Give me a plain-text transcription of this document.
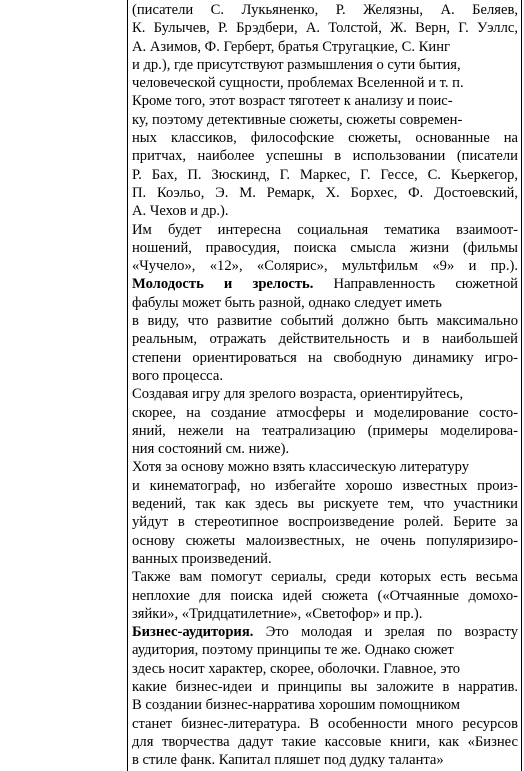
(писатели С. Лукьяненко, Р. Желязны, А. Беляев,
К. Булычев, Р. Брэдбери, А. Толстой, Ж. Верн, Г. Уэллс,
А. Азимов, Ф. Герберт, братья Стругацкие, С. Кинг
и др.), где присутствуют размышления о сути бытия,
человеческой сущности, проблемах Вселенной и т. п.
Кроме того, этот возраст тяготеет к анализу и поис-
ку, поэтому детективные сюжеты, сюжеты современ-
ных классиков, философские сюжеты, основанные на
притчах, наиболее успешны в использовании (писатели
Р. Бах, П. Зюскинд, Г. Маркес, Г. Гессе, С. Кьеркегор,
П. Коэльо, Э. М. Ремарк, Х. Борхес, Ф. Достоевский,
А. Чехов и др.).
Им будет интересна социальная тематика взаимоот-
ношений, правосудия, поиска смысла жизни (фильмы
«Чучело», «12», «Солярис», мультфильм «9» и пр.).
Молодость и зрелость. Направленность сюжетной
фабулы может быть разной, однако следует иметь
в виду, что развитие событий должно быть максимально
реальным, отражать действительность и в наибольшей
степени ориентироваться на свободную динамику игро-
вого процесса.
Создавая игру для зрелого возраста, ориентируйтесь,
скорее, на создание атмосферы и моделирование состо-
яний, нежели на театрализацию (примеры моделирова-
ния состояний см. ниже).
Хотя за основу можно взять классическую литературу
и кинематограф, но избегайте хорошо известных произ-
ведений, так как здесь вы рискуете тем, что участники
уйдут в стереотипное воспроизведение ролей. Берите за
основу сюжеты малоизвестных, не очень популяризиро-
ванных произведений.
Также вам помогут сериалы, среди которых есть весьма
неплохие для поиска идей сюжета («Отчаянные домохо-
зяйки», «Тридцатилетние», «Светофор» и пр.).
Бизнес-аудитория. Это молодая и зрелая по возрасту
аудитория, поэтому принципы те же. Однако сюжет
здесь носит характер, скорее, оболочки. Главное, это
какие бизнес-идеи и принципы вы заложите в нарратив.
В создании бизнес-нарратива хорошим помощником
станет бизнес-литература. В особенности много ресурсов
для творчества дадут такие кассовые книги, как «Бизнес
в стиле фанк. Капитал пляшет под дудку таланта»
